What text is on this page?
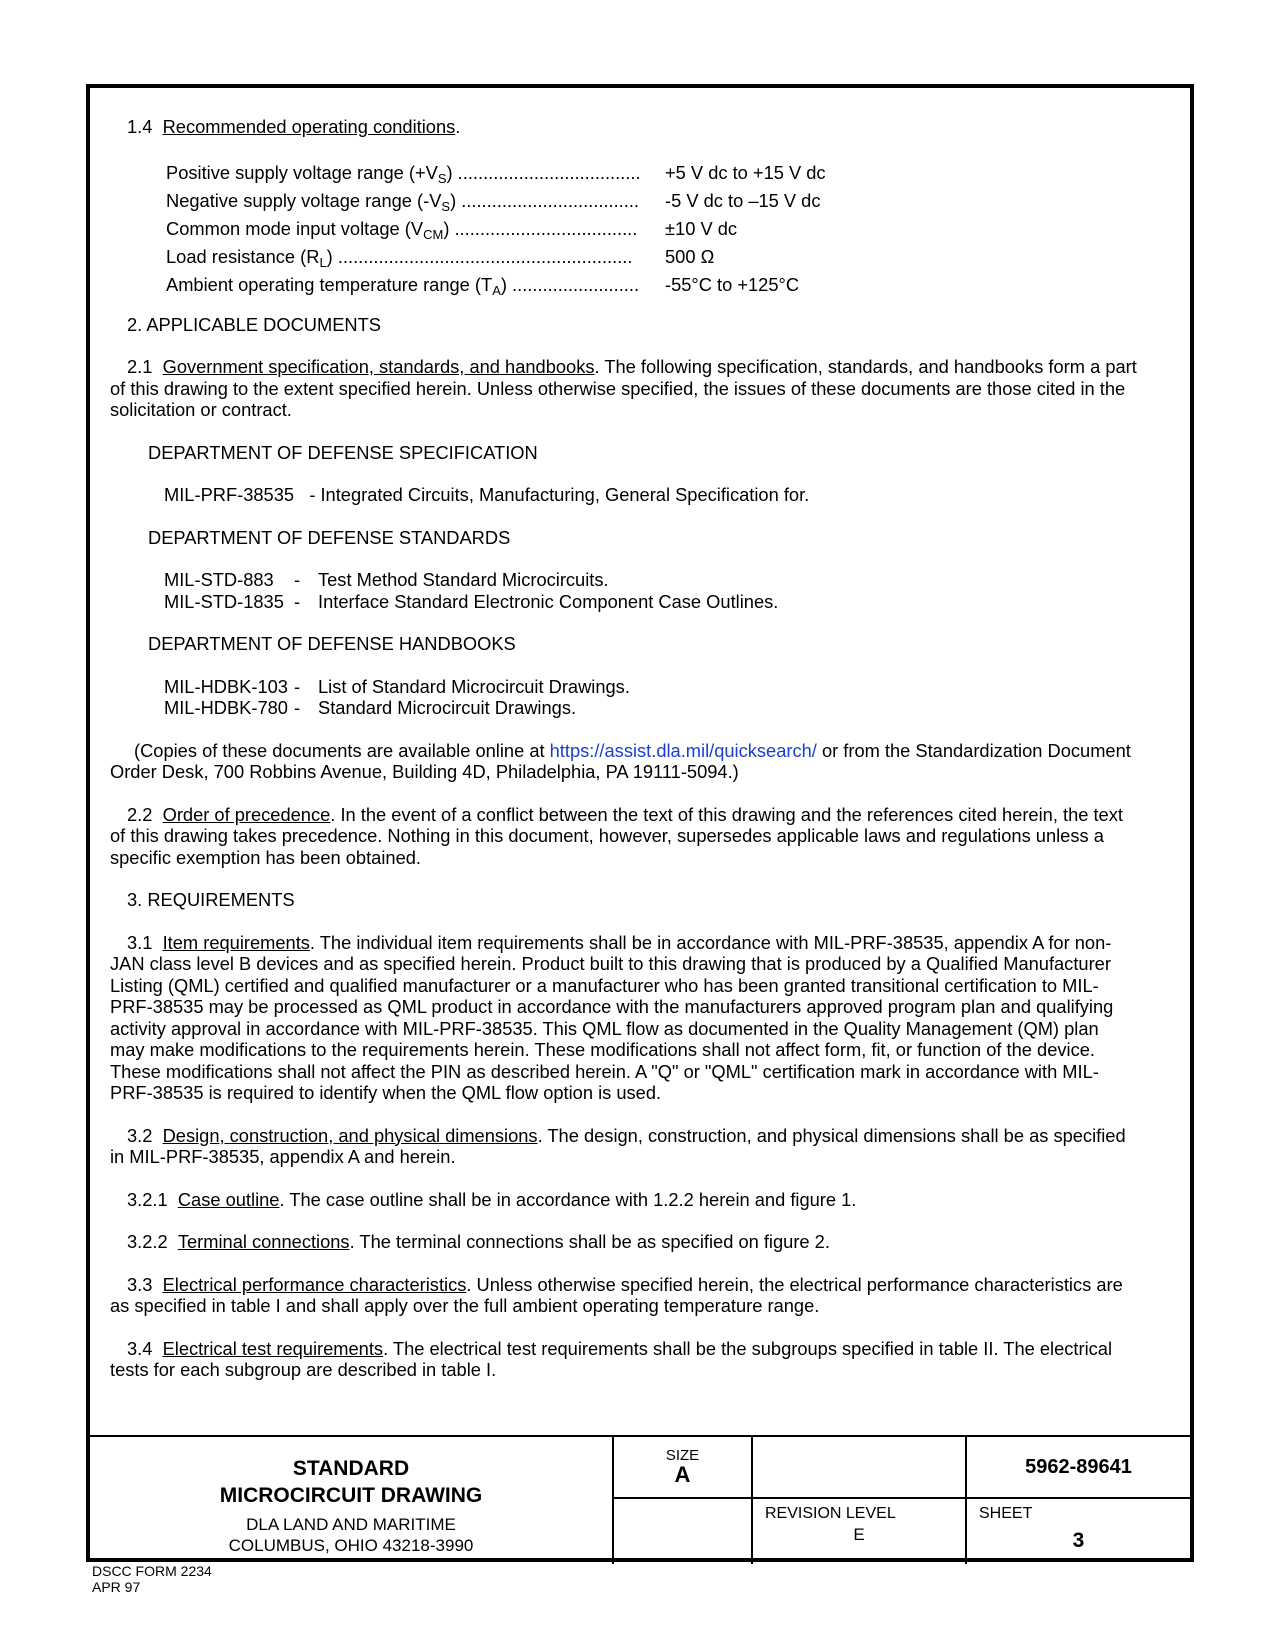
1.4 Recommended operating conditions.
Positive supply voltage range $(+V_S)$ .................................... +5 V dc to +15 V dc
Negative supply voltage range $(-V_S)$ ................................... -5 V dc to –15 V dc
Common mode input voltage $(V_{CM})$ .................................... ±10 V dc
Load resistance $(R_L)$ .......................................................... 500 Ω
Ambient operating temperature range $(T_A)$ ......................... -55°C to +125°C
2. APPLICABLE DOCUMENTS
2.1 Government specification, standards, and handbooks. The following specification, standards, and handbooks form a part
of this drawing to the extent specified herein. Unless otherwise specified, the issues of these documents are those cited in the
solicitation or contract.
DEPARTMENT OF DEFENSE SPECIFICATION
MIL-PRF-38535 - Integrated Circuits, Manufacturing, General Specification for.
DEPARTMENT OF DEFENSE STANDARDS
MIL-STD-883 - Test Method Standard Microcircuits.
MIL-STD-1835 - Interface Standard Electronic Component Case Outlines.
DEPARTMENT OF DEFENSE HANDBOOKS
MIL-HDBK-103 - List of Standard Microcircuit Drawings.
MIL-HDBK-780 - Standard Microcircuit Drawings.
(Copies of these documents are available online at https://assist.dla.mil/quicksearch/ or from the Standardization Document
Order Desk, 700 Robbins Avenue, Building 4D, Philadelphia, PA 19111-5094.)
2.2 Order of precedence. In the event of a conflict between the text of this drawing and the references cited herein, the text
of this drawing takes precedence. Nothing in this document, however, supersedes applicable laws and regulations unless a
specific exemption has been obtained.
3. REQUIREMENTS
3.1 Item requirements. The individual item requirements shall be in accordance with MIL-PRF-38535, appendix A for non-
JAN class level B devices and as specified herein. Product built to this drawing that is produced by a Qualified Manufacturer
Listing (QML) certified and qualified manufacturer or a manufacturer who has been granted transitional certification to MIL-
PRF-38535 may be processed as QML product in accordance with the manufacturers approved program plan and qualifying
activity approval in accordance with MIL-PRF-38535. This QML flow as documented in the Quality Management (QM) plan
may make modifications to the requirements herein. These modifications shall not affect form, fit, or function of the device.
These modifications shall not affect the PIN as described herein. A "Q" or "QML" certification mark in accordance with MIL-
PRF-38535 is required to identify when the QML flow option is used.
3.2 Design, construction, and physical dimensions. The design, construction, and physical dimensions shall be as specified
in MIL-PRF-38535, appendix A and herein.
3.2.1 Case outline. The case outline shall be in accordance with 1.2.2 herein and figure 1.
3.2.2 Terminal connections. The terminal connections shall be as specified on figure 2.
3.3 Electrical performance characteristics. Unless otherwise specified herein, the electrical performance characteristics are
as specified in table I and shall apply over the full ambient operating temperature range.
3.4 Electrical test requirements. The electrical test requirements shall be the subgroups specified in table II. The electrical
tests for each subgroup are described in table I.
STANDARD
MICROCIRCUIT DRAWING
DLA LAND AND MARITIME
COLUMBUS, OHIO 43218-3990
SIZE
A	5962-89641
REVISION LEVEL
E
SHEET
3
DSCC FORM 2234
APR 97
